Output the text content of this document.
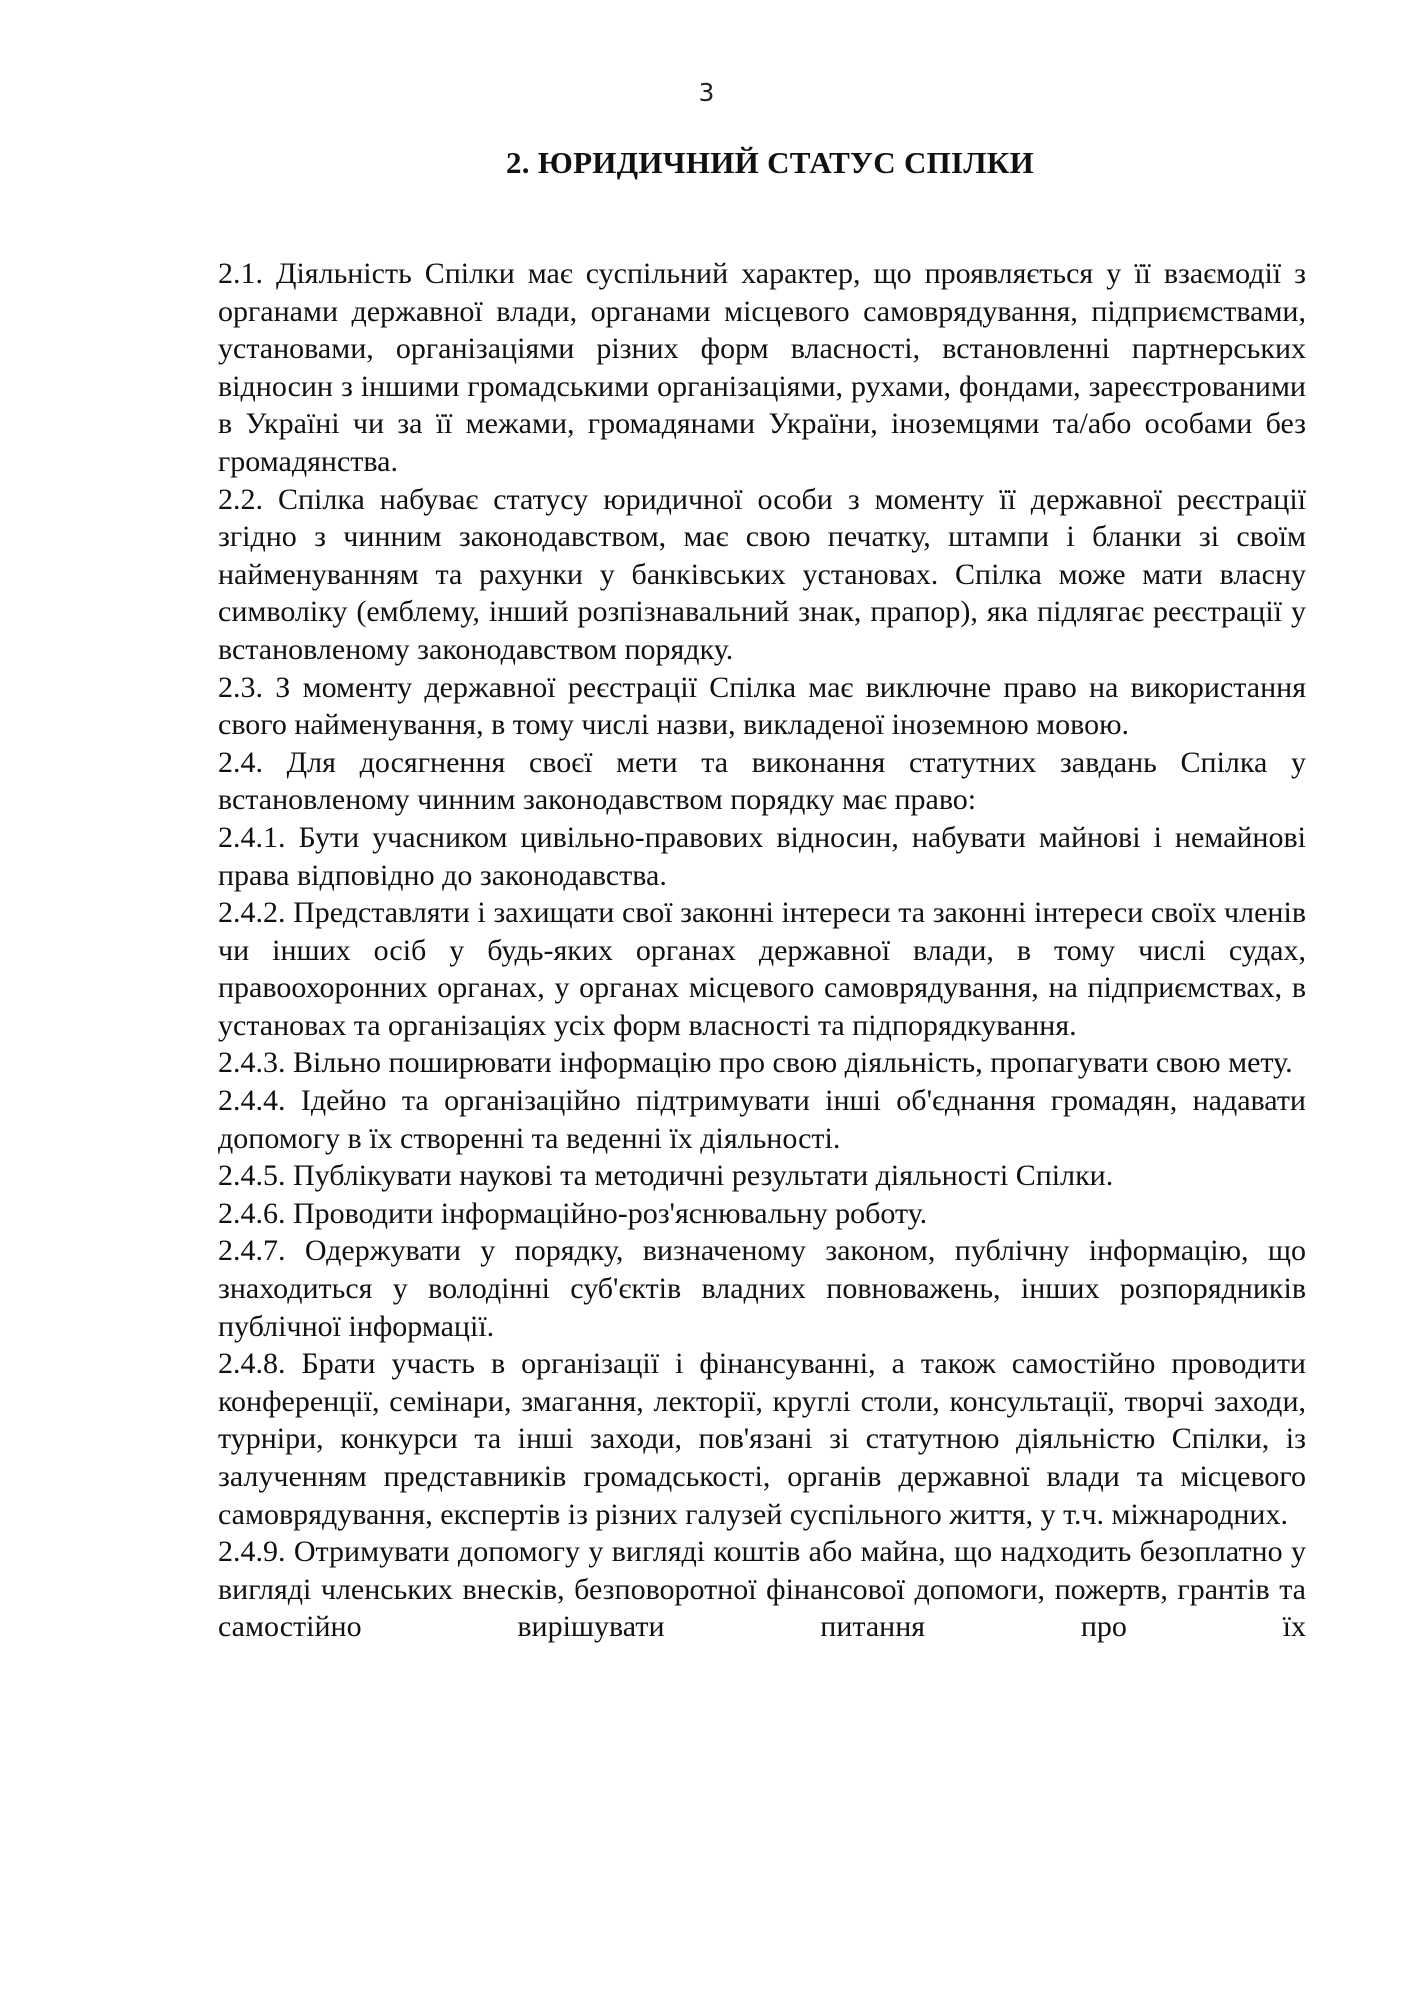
3
2. ЮРИДИЧНИЙ СТАТУС СПІЛКИ

2.1. Діяльність Спілки має суспільний характер, що проявляється у її взаємодії з органами державної влади, органами місцевого самоврядування, підприємствами, установами, організаціями різних форм власності, встановленні партнерських відносин з іншими громадськими організаціями, рухами, фондами, зареєстрованими в Україні чи за її межами, громадянами України, іноземцями та/або особами без громадянства.

2.2. Спілка набуває статусу юридичної особи з моменту її державної реєстрації згідно з чинним законодавством, має свою печатку, штампи і бланки зі своїм найменуванням та рахунки у банківських установах. Спілка може мати власну символіку (емблему, інший розпізнавальний знак, прапор), яка підлягає реєстрації у встановленому законодавством порядку.

2.3. З моменту державної реєстрації Спілка має виключне право на використання свого найменування, в тому числі назви, викладеної іноземною мовою.

2.4. Для досягнення своєї мети та виконання статутних завдань Спілка у встановленому чинним законодавством порядку має право:

2.4.1. Бути учасником цивільно-правових відносин, набувати майнові і немайнові права відповідно до законодавства.

2.4.2. Представляти і захищати свої законні інтереси та законні інтереси своїх членів чи інших осіб у будь-яких органах державної влади, в тому числі судах, правоохоронних органах, у органах місцевого самоврядування, на підприємствах, в установах та організаціях усіх форм власності та підпорядкування.

2.4.3. Вільно поширювати інформацію про свою діяльність, пропагувати свою мету.

2.4.4. Ідейно та організаційно підтримувати інші об'єднання громадян, надавати допомогу в їх створенні та веденні їх діяльності.

2.4.5. Публікувати наукові та методичні результати діяльності Спілки.

2.4.6. Проводити інформаційно-роз'яснювальну роботу.

2.4.7. Одержувати у порядку, визначеному законом, публічну інформацію, що знаходиться у володінні суб'єктів владних повноважень, інших розпорядників публічної інформації.

2.4.8. Брати участь в організації і фінансуванні, а також самостійно проводити конференції, семінари, змагання, лекторії, круглі столи, консультації, творчі заходи, турніри, конкурси та інші заходи, пов'язані зі статутною діяльністю Спілки, із залученням представників громадськості, органів державної влади та місцевого самоврядування, експертів із різних галузей суспільного життя, у т.ч. міжнародних.

2.4.9. Отримувати допомогу у вигляді коштів або майна, що надходить безоплатно у вигляді членських внесків, безповоротної фінансової допомоги, пожертв, грантів та самостійно вирішувати питання про їх
